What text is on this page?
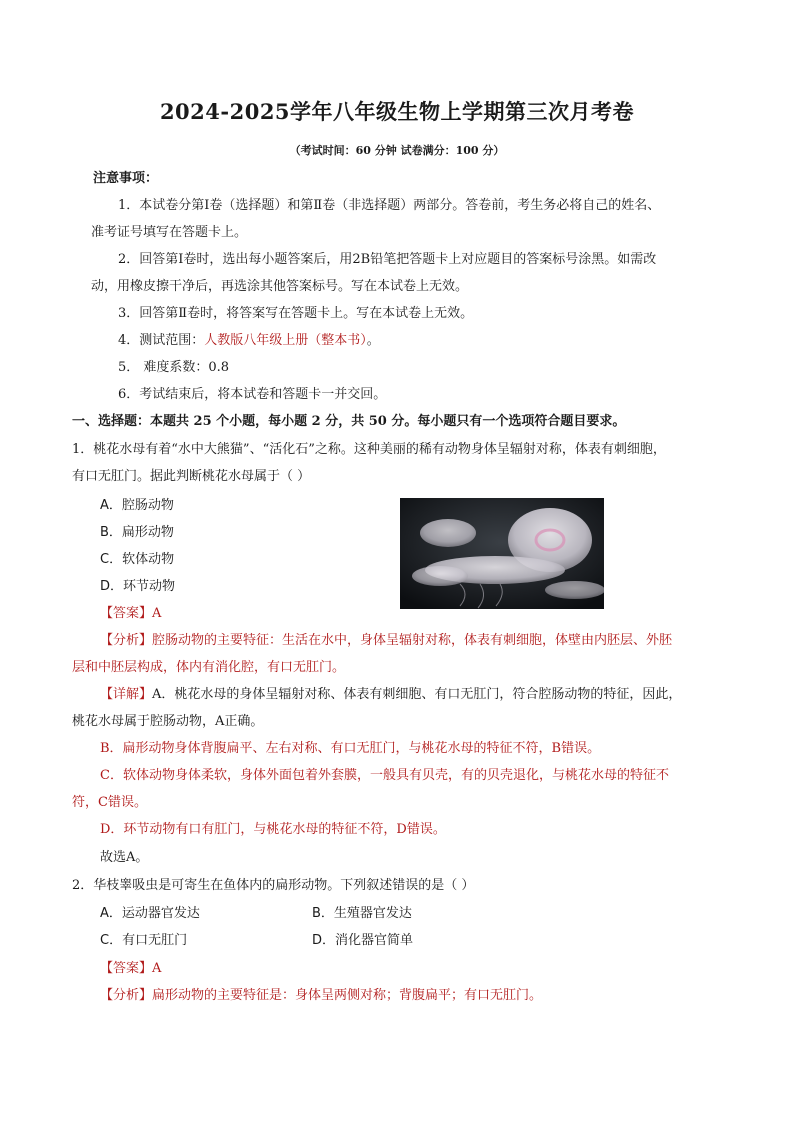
2024-2025学年八年级生物上学期第三次月考卷
（考试时间：60 分钟 试卷满分：100 分）
注意事项：
1．本试卷分第Ⅰ卷（选择题）和第Ⅱ卷（非选择题）两部分。答卷前，考生务必将自己的姓名、
准考证号填写在答题卡上。
2．回答第Ⅰ卷时，选出每小题答案后，用2B铅笔把答题卡上对应题目的答案标号涂黑。如需改
动，用橡皮擦干净后，再选涂其他答案标号。写在本试卷上无效。
3．回答第Ⅱ卷时，将答案写在答题卡上。写在本试卷上无效。
4．测试范围：人教版八年级上册（整本书）。
5． 难度系数：0.8
6．考试结束后，将本试卷和答题卡一并交回。
一、选择题：本题共 25 个小题，每小题 2 分，共 50 分。每小题只有一个选项符合题目要求。
1．桃花水母有着“水中大熊猫”、“活化石”之称。这种美丽的稀有动物身体呈辐射对称，体表有刺细胞，
有口无肛门。据此判断桃花水母属于（ ）
A．腔肠动物
B．扁形动物
C．软体动物
D．环节动物
【答案】A
【分析】腔肠动物的主要特征：生活在水中，身体呈辐射对称，体表有刺细胞，体壁由内胚层、外胚
层和中胚层构成，体内有消化腔，有口无肛门。
【详解】A．桃花水母的身体呈辐射对称、体表有刺细胞、有口无肛门，符合腔肠动物的特征，因此，
桃花水母属于腔肠动物，A正确。
B．扁形动物身体背腹扁平、左右对称、有口无肛门，与桃花水母的特征不符，B错误。
C．软体动物身体柔软，身体外面包着外套膜，一般具有贝壳，有的贝壳退化，与桃花水母的特征不
符，C错误。
D．环节动物有口有肛门，与桃花水母的特征不符，D错误。
故选A。
2．华枝睾吸虫是可寄生在鱼体内的扁形动物。下列叙述错误的是（ ）
A．运动器官发达	B．生殖器官发达
C．有口无肛门	D．消化器官简单
【答案】A
【分析】扁形动物的主要特征是：身体呈两侧对称；背腹扁平；有口无肛门。
